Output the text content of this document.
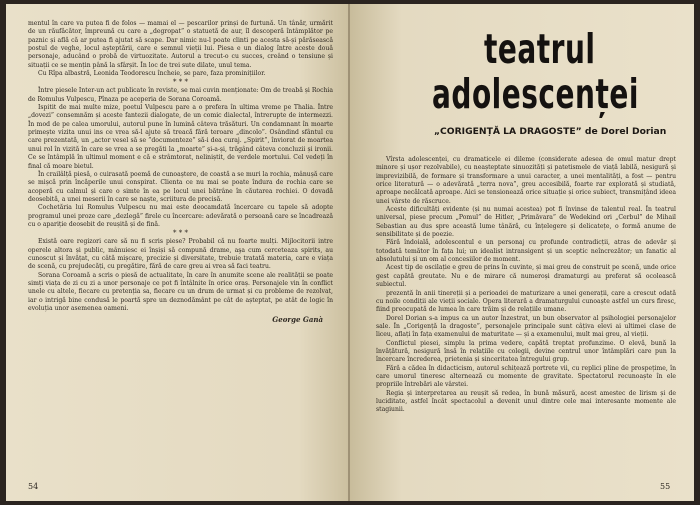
mentul în care va putea fi de folos — mamai el — pescarilor prinși de furtună. Un tânăr, urmărit de un răufăcător, împreună cu care a „degropat” o statuetă de aur, îl descoperă întâmplător pe paznic și află că ar putea fi ajutat să scape. Dar nimic nu-l poate clinti pe acesta să-și părăsească postul de veghe, locul așteptării, care e semnul vieții lui. Piesa e un dialog între aceste două personaje, aducând o probă de virtuozitate. Autorul a trecut-o cu succes, creând o tensiune și situații ce se mențin până la sfârșit. În loc de trei sute dilate, unul tema.

Cu Rîpa albastră, Leonida Teodorescu încheie, se pare, faza prominițiilor.

* * *

Între piesele Inter-un act publicate în reviste, se mai cuvin menționate: Om de treabă și Rochia de Romulus Vulpescu, Pînaza pe aceperia de Sorana Coroamă.

Ispitit de mai multe mize, poetul Vulpescu pare a o prefera în ultima vreme pe Thalia. Între „dovezi” consemnăm și aceste fantezii dialogate, de un comic dialectal, întrerupte de intermezzi. În mod de pe calea umorului, autorul pune în lumină câteva trăsături. Un condamnant în moarte primește vizita unui ins ce vrea să-l ajute să treacă fără teroare „dincolo”. Osândind sfântul cu care prezentată, un „actor vesel să se ”documenteze” să-i dea curaj. „Spirit”, înviorat de moartea unui rol în vizită în care se vrea a se pregăti la „moarte” și-a-și, trăgând câteva concluzii și ironii. Ce se întâmplă în ultimul moment e că e strâmtorat, neliniștit, de verdele mortului. Cel vedeți în final că moare bietul.

În crailâlță piesă, o cuirasată poemă de cunoaștere, de coastă a se muri la rochia, mânușă care se mișcă prin încăperile unui conspirat. Clienta ce nu mai se poate îndura de rochia care se acoperă cu calmul și care o simte în ea pe locul unei bătrâne în căutarea rochiei. O dovadă deosebită, a unei meserii în care se naște, scriitura de precisă.

Cochetăria lui Romulus Vulpescu nu mai este deocamdată încercare cu tapele să adopte programul unei proze care „dezlegă” firele cu încercare: adevărată o persoană care se încadrează cu o apariție deosebit de reușită și de fină.

* * *

Există oare regizori care să nu fi scris piese? Probabil că nu foarte mulți. Mijlocitorii intre operele altora și public, mânuiesc ei înșiși să compună drame, aşa cum cerceteaza spirits, au cunoscut și învățat, cu câtă mișcare, precizie și diversitate, trebuie tratată materia, care e viața de scenă, cu prejudecăți, cu pregătire, fără de care greu ai vrea să faci teatru.

Sorana Coroamă a scris o piesă de actualitate, în care în anumite scene ale realității se poate simți viața de zi cu zi a unor personaje ce pot fi întâlnite în orice oraș. Personajele vin în conflict unele cu altele, fiecare cu pretenția sa, fiecare cu un drum de urmat și cu probleme de rezolvat, iar o intrigă bine condusă le poartă spre un deznodământ pe cât de așteptat, pe atât de logic în evoluția unor asemenea oameni.

George Ganà
54
teatrul
adolescenței
„CORIGENȚĂ LA DRAGOSTE” de Dorel Dorian

Vîrsta adolescenței, cu dramaticele ei dileme (considerate adesea de omul matur drept minore și ușor rezolvabile), cu neașteptate sinuozități și patetismele de viață labilă, nesigură și imprevizibilă, de formare și transformare a unui caracter, a unei mentalități, a fost — pentru orice literatură — o adevărată „terra nova”, greu accesibilă, foarte rar explorată și studiată, aproape necălcată aproape. Aici se tensionează orice situație și orice subiect, transmițând ideea unei vârste de răscruce.

Aceste dificultăți evidente (și nu numai acestea) pot fi învinse de talentul real. În teatrul universal, piese precum „Pomul” de Hitler, „Primăvara” de Wedekind ori „Cerbul” de Mihail Sebastian au dus spre această lume tânără, cu înțelegere și delicatețe, o formă anume de sensibilitate și de poezie.

Fără îndoială, adolescentul e un personaj cu profunde contradicții, atras de adevăr și totodată temător în fața lui; un idealist intransigent și un sceptic neîncrezător; un fanatic al absolutului și un om al concesiilor de moment.

Acest tip de oscilație e greu de prins în cuvinte, și mai greu de construit pe scenă, unde orice gest capătă greutate. Nu e de mirare că numeroși dramaturgi au preferat să ocolească subiectul.

prezentă în anii tinereții și a perioadei de maturizare a unei generații, care a crescut odată cu noile condiții ale vieții sociale. Opera literară a dramaturgului cunoaște astfel un curs firesc, fiind preocupată de lumea în care trăim și de relațiile umane.

Dorel Dorian s-a impus ca un autor înzestrat, un bun observator al psihologiei personajelor sale. În „Corigență la dragoste”, personajele principale sunt câțiva elevi ai ultimei clase de liceu, aflați în fața examenului de maturitate — și a examenului, mult mai greu, al vieții.

Conflictul piesei, simplu la prima vedere, capătă treptat profunzime. O elevă, bună la învățătură, nesigură însă în relațiile cu colegii, devine centrul unor întâmplări care pun la încercare încrederea, prietenia și sinceritatea întregului grup.

Fără a cădea în didacticism, autorul schițează portrete vii, cu replici pline de prospețime, în care umorul tineresc alternează cu momente de gravitate. Spectatorul recunoaște în ele propriile întrebări ale vârstei.

Regia și interpretarea au reușit să redea, în bună măsură, acest amestec de lirism și de luciditate, astfel încât spectacolul a devenit unul dintre cele mai interesante momente ale stagiunii.

55
